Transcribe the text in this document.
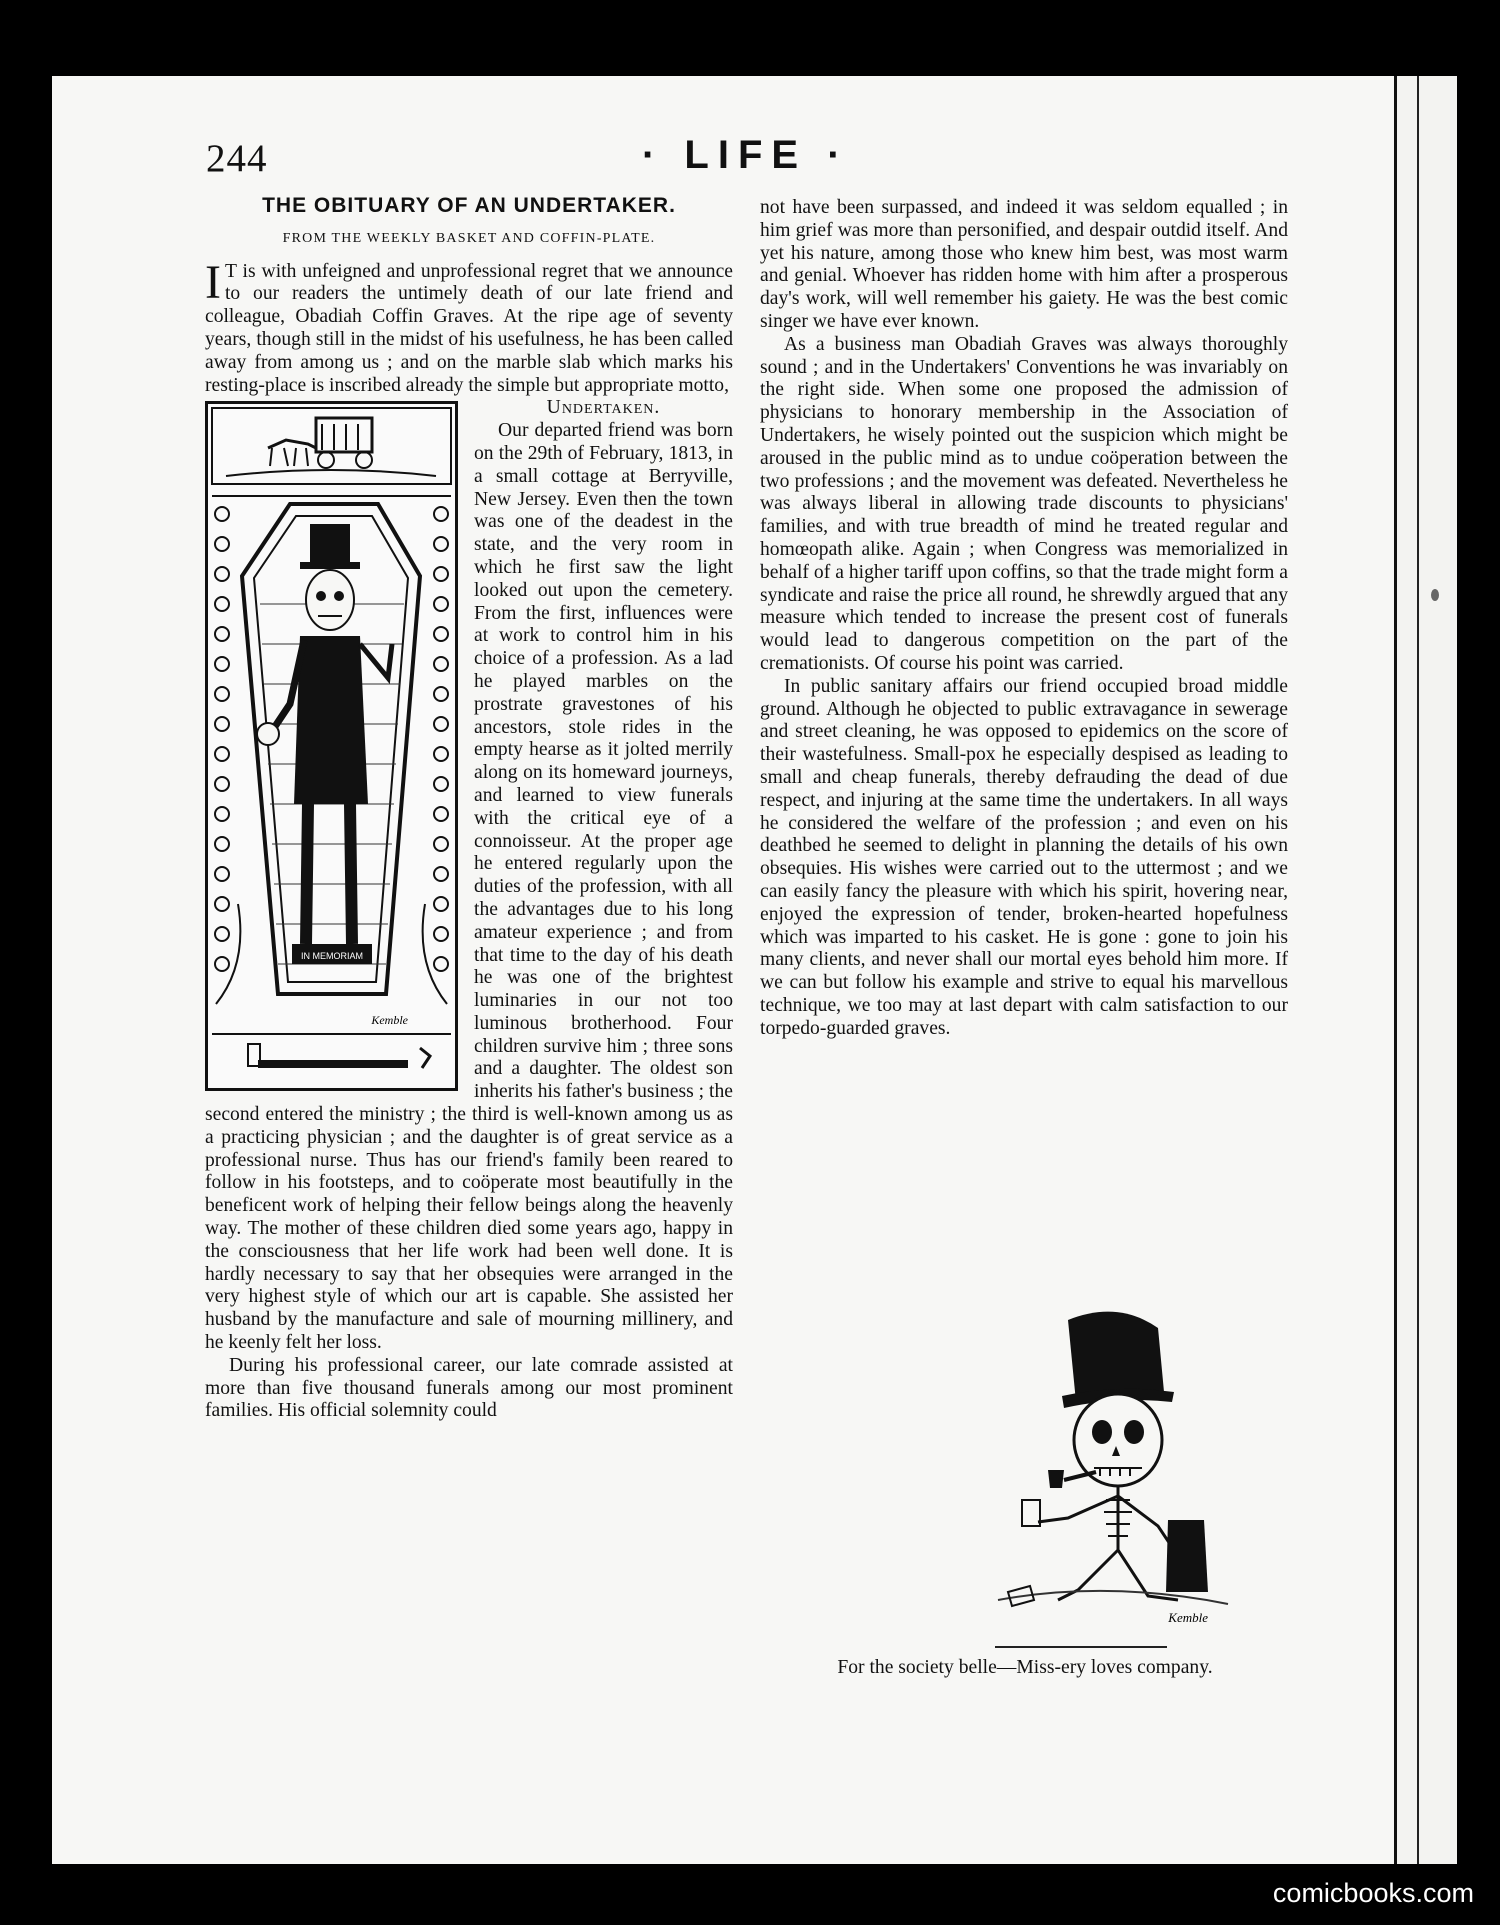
244	· LIFE ·
THE OBITUARY OF AN UNDERTAKER.
FROM THE WEEKLY BASKET AND COFFIN-PLATE.

I T is with unfeigned and unprofessional regret that we announce to our readers the untimely death of our late friend and colleague, Obadiah Coffin Graves. At the ripe age of seventy years, though still in the midst of his usefulness, he has been called away from among us ; and on the marble slab which marks his resting-place is inscribed already the simple but appropriate motto,

IN MEMORIAM
Kemble

Undertaken.

Our departed friend was born on the 29th of February, 1813, in a small cottage at Berryville, New Jersey. Even then the town was one of the deadest in the state, and the very room in which he first saw the light looked out upon the cemetery. From the first, influences were at work to control him in his choice of a profession. As a lad he played marbles on the prostrate gravestones of his ancestors, stole rides in the empty hearse as it jolted merrily along on its homeward journeys, and learned to view funerals with the critical eye of a connoisseur. At the proper age he entered regularly upon the duties of the profession, with all the advantages due to his long amateur experience ; and from that time to the day of his death he was one of the brightest luminaries in our not too luminous brotherhood. Four children survive him ; three sons and a daughter. The oldest son inherits his father's business ; the second entered the ministry ; the third is well-known among us as a practicing physician ; and the daughter is of great service as a professional nurse. Thus has our friend's family been reared to follow in his footsteps, and to coöperate most beautifully in the beneficent work of helping their fellow beings along the heavenly way. The mother of these children died some years ago, happy in the consciousness that her life work had been well done. It is hardly necessary to say that her obsequies were arranged in the very highest style of which our art is capable. She assisted her husband by the manufacture and sale of mourning millinery, and he keenly felt her loss.

During his professional career, our late comrade assisted at more than five thousand funerals among our most prominent families. His official solemnity could

not have been surpassed, and indeed it was seldom equalled ; in him grief was more than personified, and despair outdid itself. And yet his nature, among those who knew him best, was most warm and genial. Whoever has ridden home with him after a prosperous day's work, will well remember his gaiety. He was the best comic singer we have ever known.

As a business man Obadiah Graves was always thoroughly sound ; and in the Undertakers' Conventions he was invariably on the right side. When some one proposed the admission of physicians to honorary membership in the Association of Undertakers, he wisely pointed out the suspicion which might be aroused in the public mind as to undue coöperation between the two professions ; and the movement was defeated. Nevertheless he was always liberal in allowing trade discounts to physicians' families, and with true breadth of mind he treated regular and homœopath alike. Again ; when Congress was memorialized in behalf of a higher tariff upon coffins, so that the trade might form a syndicate and raise the price all round, he shrewdly argued that any measure which tended to increase the present cost of funerals would lead to dangerous competition on the part of the cremationists. Of course his point was carried.

In public sanitary affairs our friend occupied broad middle ground. Although he objected to public extravagance in sewerage and street cleaning, he was opposed to epidemics on the score of their wastefulness. Small-pox he especially despised as leading to small and cheap funerals, thereby defrauding the dead of due respect, and injuring at the same time the undertakers. In all ways he considered the welfare of the profession ; and even on his deathbed he seemed to delight in planning the details of his own obsequies. His wishes were carried out to the uttermost ; and we can easily fancy the pleasure with which his spirit, hovering near, enjoyed the expression of tender, broken-hearted hopefulness which was imparted to his casket. He is gone : gone to join his many clients, and never shall our mortal eyes behold him more. If we can but follow his example and strive to equal his marvellous technique, we too may at last depart with calm satisfaction to our torpedo-guarded graves.

Kemble
For the society belle—Miss-ery loves company.
comicbooks.com
